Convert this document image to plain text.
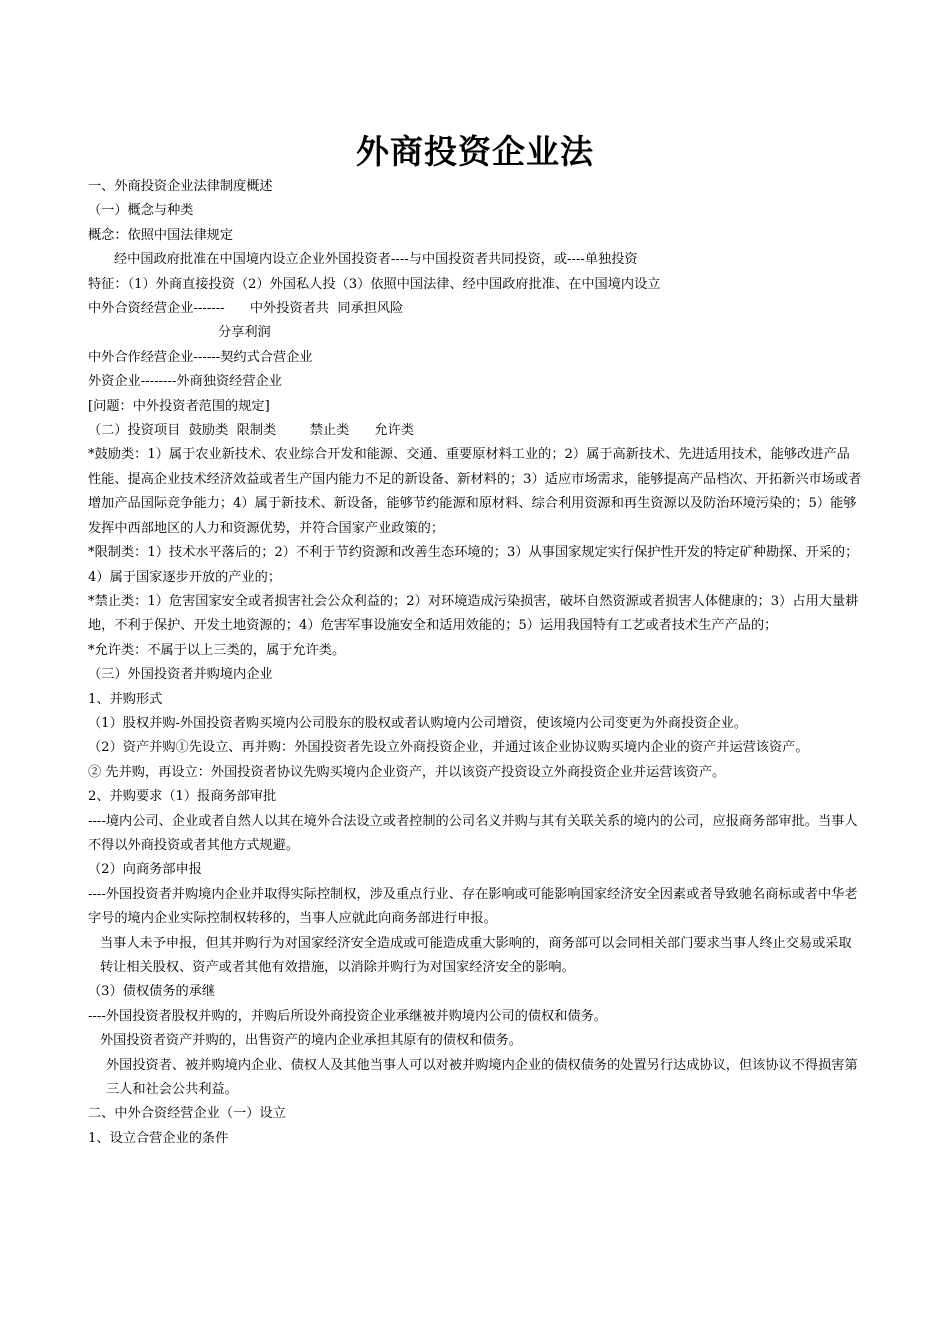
外商投资企业法

一、外商投资企业法律制度概述

（一）概念与种类

概念：依照中国法律规定

经中国政府批准在中国境内设立企业外国投资者----与中国投资者共同投资，或----单独投资

特征：（1）外商直接投资（2）外国私人投（3）依照中国法律、经中国政府批准、在中国境内设立

中外合资经营企业-------      中外投资者共  同承担风险

分享利润

中外合作经营企业------契约式合营企业

外资企业--------外商独资经营企业

[问题：中外投资者范围的规定]

（二）投资项目  鼓励类  限制类        禁止类      允许类

*鼓励类：1）属于农业新技术、农业综合开发和能源、交通、重要原材料工业的；2）属于高新技术、先进适用技术，能够改进产品性能、提高企业技术经济效益或者生产国内能力不足的新设备、新材料的；3）适应市场需求，能够提高产品档次、开拓新兴市场或者增加产品国际竞争能力；4）属于新技术、新设备，能够节约能源和原材料、综合利用资源和再生资源以及防治环境污染的；5）能够发挥中西部地区的人力和资源优势，并符合国家产业政策的；

*限制类：1）技术水平落后的；2）不利于节约资源和改善生态环境的；3）从事国家规定实行保护性开发的特定矿种勘探、开采的；4）属于国家逐步开放的产业的；

*禁止类：1）危害国家安全或者损害社会公众利益的；2）对环境造成污染损害，破坏自然资源或者损害人体健康的；3）占用大量耕地，不利于保护、开发土地资源的；4）危害军事设施安全和适用效能的；5）运用我国特有工艺或者技术生产产品的；

*允许类：不属于以上三类的，属于允许类。

（三）外国投资者并购境内企业

1、并购形式

（1）股权并购-外国投资者购买境内公司股东的股权或者认购境内公司增资，使该境内公司变更为外商投资企业。

（2）资产并购①先设立、再并购：外国投资者先设立外商投资企业，并通过该企业协议购买境内企业的资产并运营该资产。

② 先并购，再设立：外国投资者协议先购买境内企业资产，并以该资产投资设立外商投资企业并运营该资产。

2、并购要求（1）报商务部审批

----境内公司、企业或者自然人以其在境外合法设立或者控制的公司名义并购与其有关联关系的境内的公司，应报商务部审批。当事人不得以外商投资或者其他方式规避。

（2）向商务部申报

----外国投资者并购境内企业并取得实际控制权，涉及重点行业、存在影响或可能影响国家经济安全因素或者导致驰名商标或者中华老字号的境内企业实际控制权转移的，当事人应就此向商务部进行申报。

当事人未予申报，但其并购行为对国家经济安全造成或可能造成重大影响的，商务部可以会同相关部门要求当事人终止交易或采取转让相关股权、资产或者其他有效措施，以消除并购行为对国家经济安全的影响。

（3）债权债务的承继

----外国投资者股权并购的，并购后所设外商投资企业承继被并购境内公司的债权和债务。

外国投资者资产并购的，出售资产的境内企业承担其原有的债权和债务。

外国投资者、被并购境内企业、债权人及其他当事人可以对被并购境内企业的债权债务的处置另行达成协议，但该协议不得损害第三人和社会公共利益。

二、中外合资经营企业（一）设立

1、设立合营企业的条件
